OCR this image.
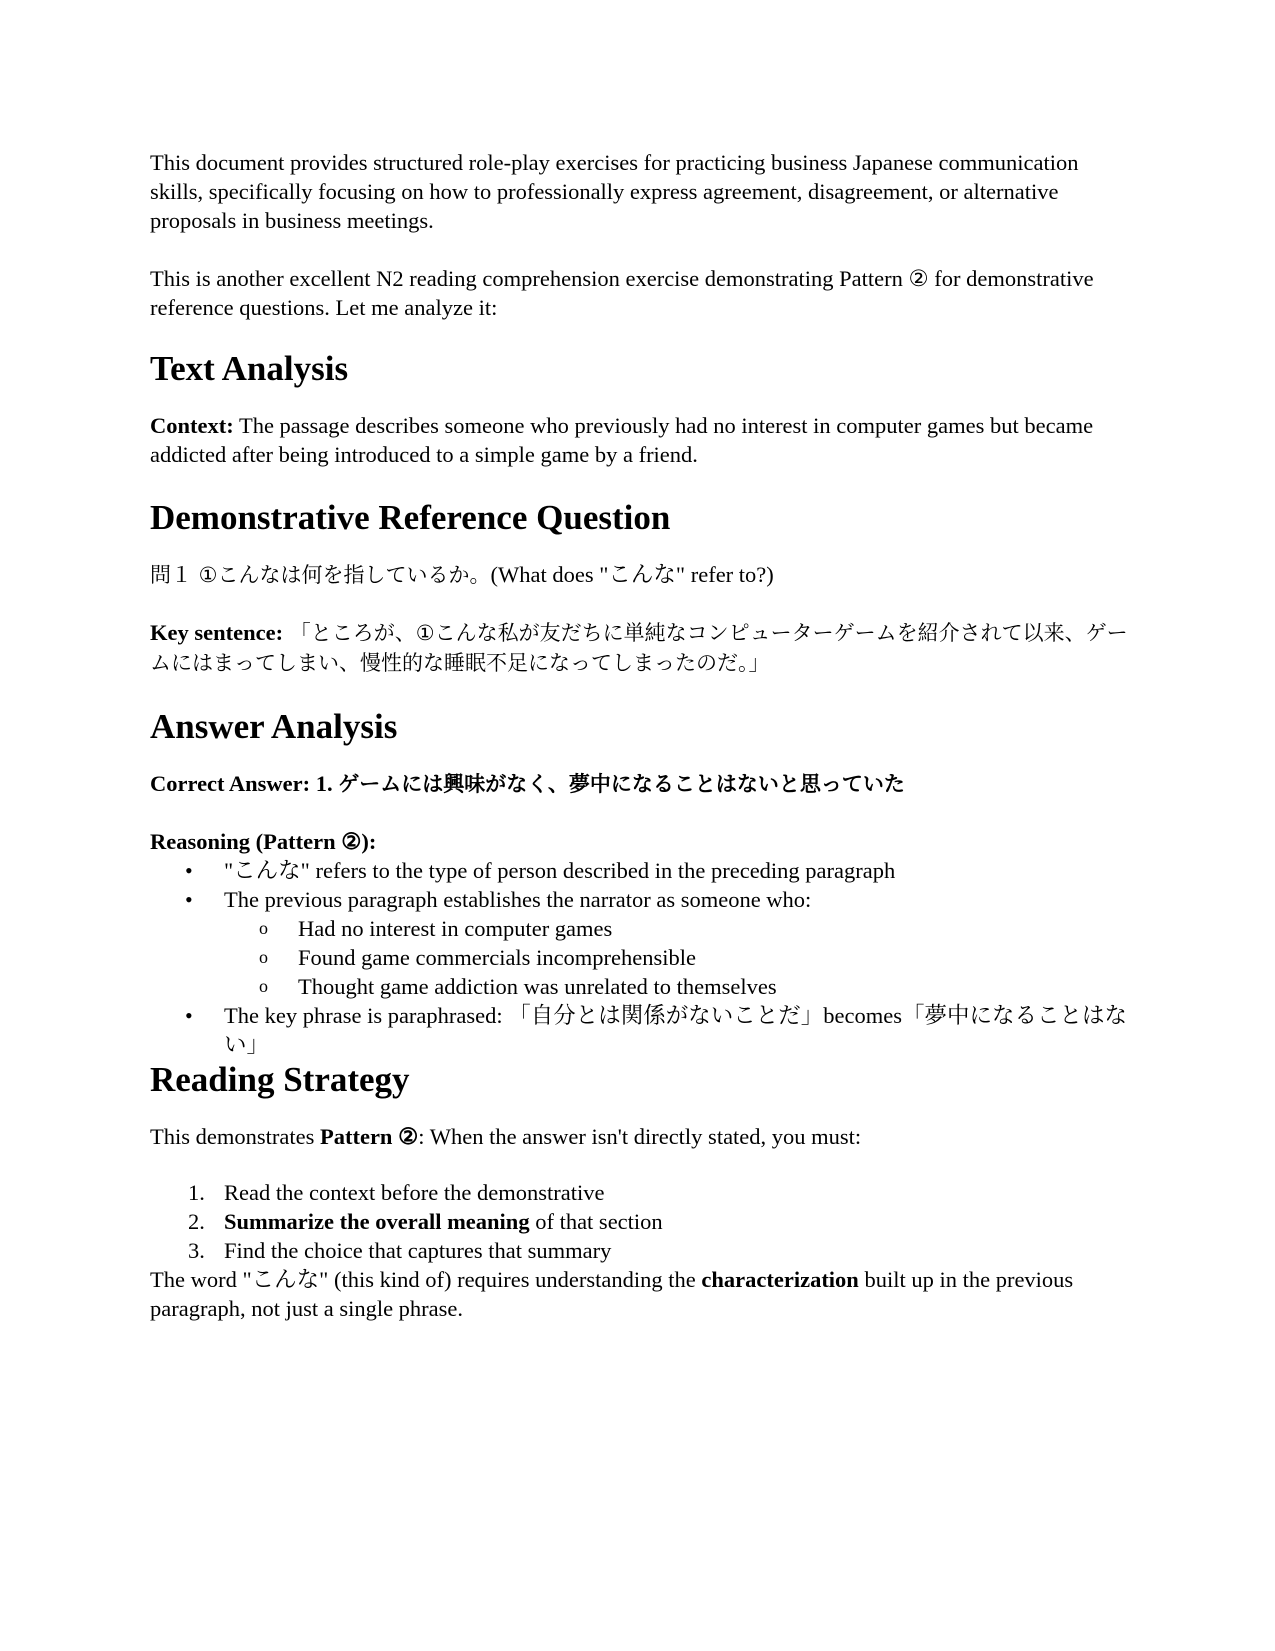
This document provides structured role-play exercises for practicing business Japanese communication skills, specifically focusing on how to professionally express agreement, disagreement, or alternative proposals in business meetings.

This is another excellent N2 reading comprehension exercise demonstrating Pattern ② for demonstrative reference questions. Let me analyze it:

Text Analysis

Context: The passage describes someone who previously had no interest in computer games but became addicted after being introduced to a simple game by a friend.

Demonstrative Reference Question

問１ ①こんなは何を指しているか。(What does "こんな" refer to?)

Key sentence: 「ところが、①こんな私が友だちに単純なコンピューターゲームを紹介されて以来、ゲームにはまってしまい、慢性的な睡眠不足になってしまったのだ。」

Answer Analysis

Correct Answer: 1. ゲームには興味がなく、夢中になることはないと思っていた

Reasoning (Pattern ②):

• "こんな" refers to the type of person described in the preceding paragraph
• The previous paragraph establishes the narrator as someone who:
o Had no interest in computer games
o Found game commercials incomprehensible
o Thought game addiction was unrelated to themselves
• The key phrase is paraphrased: 「自分とは関係がないことだ」becomes「夢中になることはない」
Reading Strategy

This demonstrates Pattern ②: When the answer isn't directly stated, you must:

1. Read the context before the demonstrative
2. Summarize the overall meaning of that section
3. Find the choice that captures that summary

The word "こんな" (this kind of) requires understanding the characterization built up in the previous paragraph, not just a single phrase.
